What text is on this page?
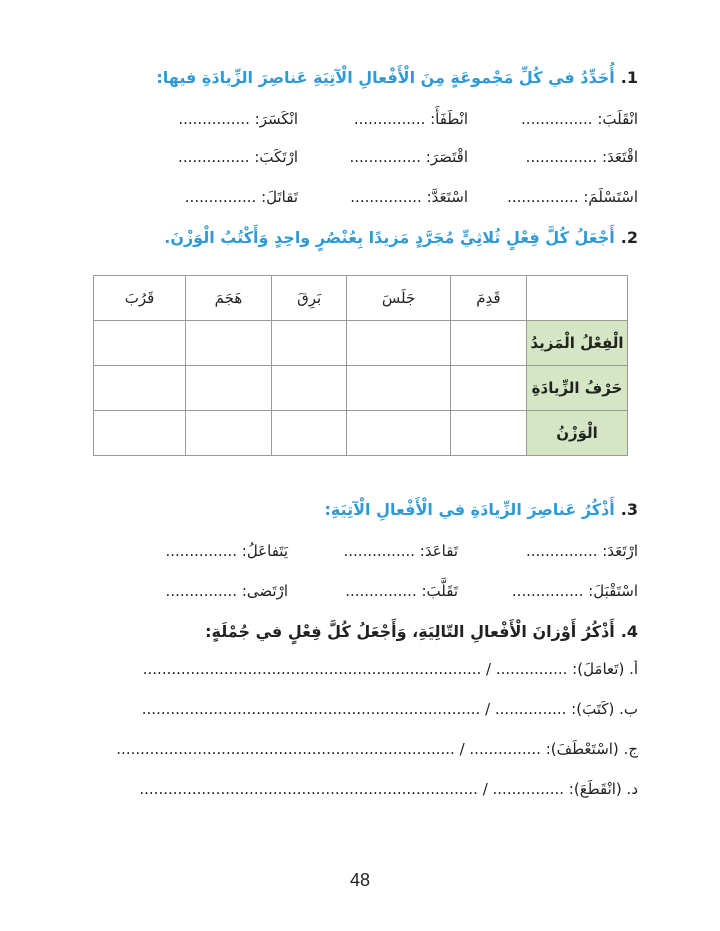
1.أُحَدِّدُ في كُلِّ مَجْموعَةٍ مِنَ الْأَفْعالِ الْآتِيَةِ عَناصِرَ الزِّيادَةِ فيها:
انْقَلَبَ: ...............
انْطَفَأَ: ...............
انْكَسَرَ: ...............
اقْتَعَدَ: ...............
اقْتَصَرَ: ...............
ارْتَكَبَ: ...............
اسْتَسْلَمَ: ...............
اسْتَعَدَّ: ...............
تَقاتَلَ: ...............
2.أَجْعَلُ كُلَّ فِعْلٍ ثُلاثِيٍّ مُجَرَّدٍ مَزيدًا بِعُنْصُرٍ واحِدٍ وَأَكْتُبُ الْوَزْنَ.
	قَدِمَ	جَلَسَ	بَرِقَ	هَجَمَ	قَرُبَ
الْفِعْلُ الْمَزيدُ					
حَرْفُ الزِّيادَةِ					
الْوَزْنُ					
3.أَذْكُرُ عَناصِرَ الزِّيادَةِ في الْأَفْعالِ الْآتِيَةِ:
ارْتَعَدَ: ...............
تَقاعَدَ: ...............
يَتَفاعَلُ: ...............
اسْتَقْبَلَ: ...............
تَقَلَّبَ: ...............
ارْتَضى: ...............
4.أَذْكُرُ أَوْزانَ الْأَفْعالِ التّالِيَةِ، وَأَجْعَلُ كُلَّ فِعْلٍ في جُمْلَةٍ:
أ. (تَعامَلَ): ............... / .......................................................................
ب. (كَتَبَ): ............... / .......................................................................
ج. (اسْتَعْطَفَ): ............... / .......................................................................
د. (انْقَطَعَ): ............... / .......................................................................
48
